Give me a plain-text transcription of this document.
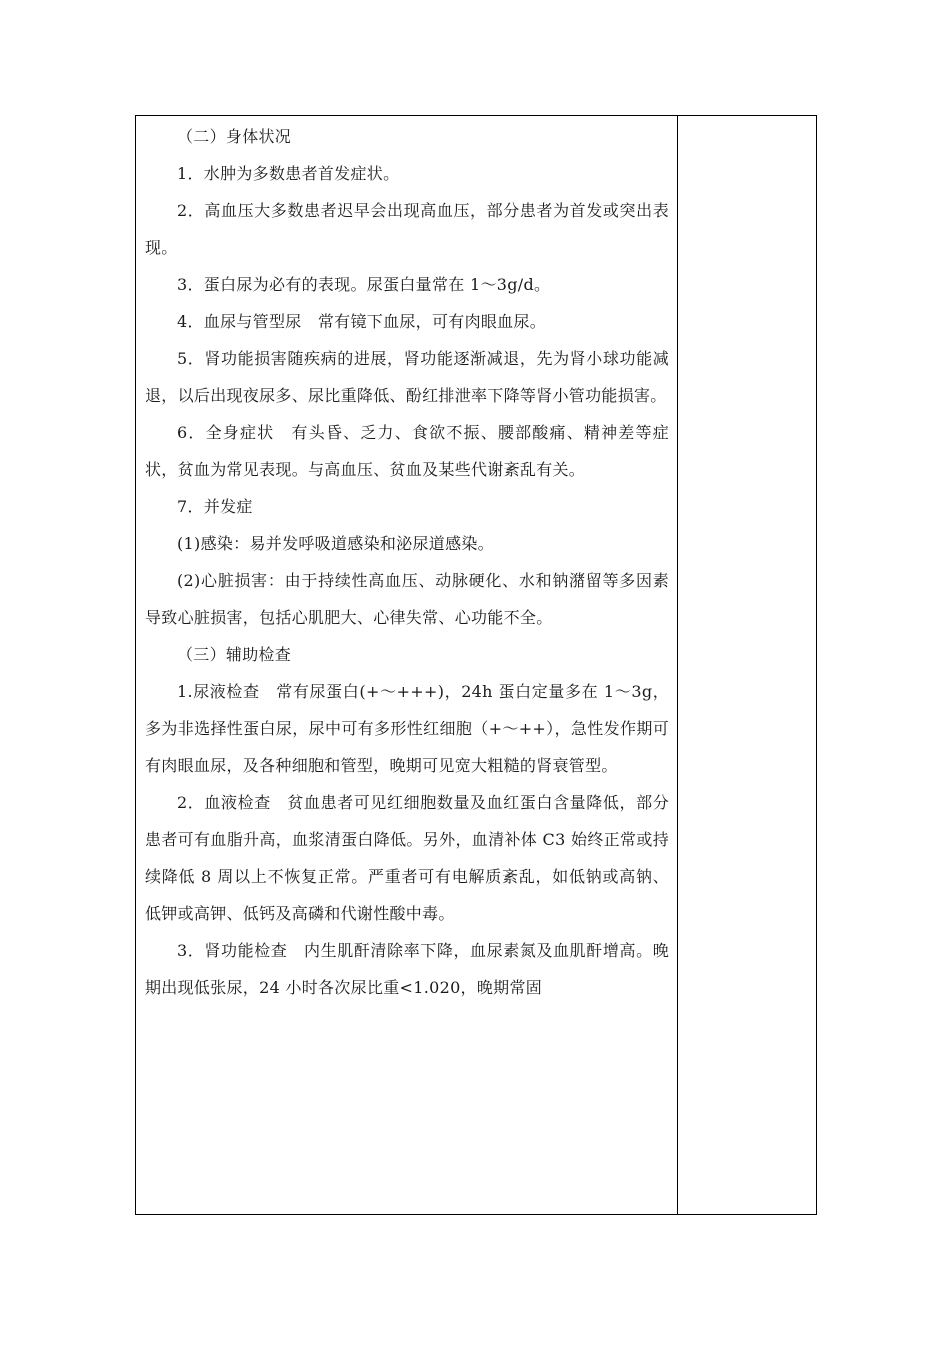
（二）身体状况

1．水肿为多数患者首发症状。

2．高血压大多数患者迟早会出现高血压，部分患者为首发或突出表现。

3．蛋白尿为必有的表现。尿蛋白量常在 1～3g/d。

4．血尿与管型尿　常有镜下血尿，可有肉眼血尿。

5．肾功能损害随疾病的进展，肾功能逐渐减退，先为肾小球功能减退，以后出现夜尿多、尿比重降低、酚红排泄率下降等肾小管功能损害。

6．全身症状　有头昏、乏力、食欲不振、腰部酸痛、精神差等症状，贫血为常见表现。与高血压、贫血及某些代谢紊乱有关。

7．并发症

(1)感染：易并发呼吸道感染和泌尿道感染。

(2)心脏损害：由于持续性高血压、动脉硬化、水和钠潴留等多因素导致心脏损害，包括心肌肥大、心律失常、心功能不全。

（三）辅助检查

1.尿液检查　常有尿蛋白(+～+++)，24h 蛋白定量多在 1～3g，多为非选择性蛋白尿，尿中可有多形性红细胞（+～++），急性发作期可有肉眼血尿，及各种细胞和管型，晚期可见宽大粗糙的肾衰管型。

2．血液检查　贫血患者可见红细胞数量及血红蛋白含量降低，部分患者可有血脂升高，血浆清蛋白降低。另外，血清补体 C3 始终正常或持续降低 8 周以上不恢复正常。严重者可有电解质紊乱，如低钠或高钠、低钾或高钾、低钙及高磷和代谢性酸中毒。

3．肾功能检查　内生肌酐清除率下降，血尿素氮及血肌酐增高。晚期出现低张尿，24 小时各次尿比重<1.020，晚期常固
